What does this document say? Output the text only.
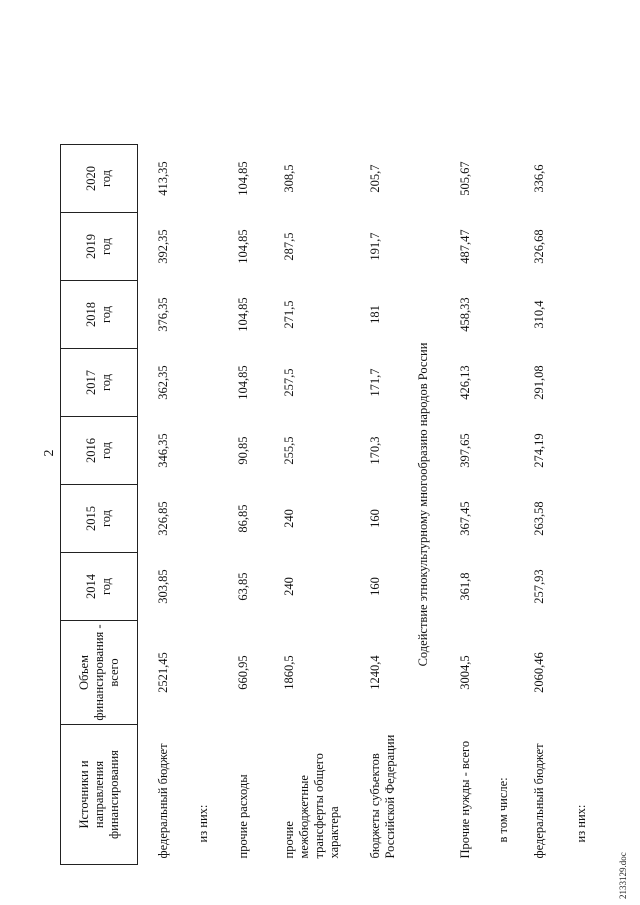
2
Источники и направления финансирования	Объем финансирования - всего	2014 год	2015 год	2016 год	2017 год	2018 год	2019 год	2020 год

федеральный бюджет	2521,45	303,85	326,85	346,35	362,35	376,35	392,35	413,35

из них:								

прочие расходы	660,95	63,85	86,85	90,85	104,85	104,85	104,85	104,85

прочие межбюджетные трансферты общего характера	1860,5	240	240	255,5	257,5	271,5	287,5	308,5

бюджеты субъектов Российской Федерации	1240,4	160	160	170,3	171,7	181	191,7	205,7
Содействие этнокультурному многообразию народов России								

Прочие нужды - всего	3004,5	361,8	367,45	397,65	426,13	458,33	487,47	505,67

в том числе:								

федеральный бюджет	2060,46	257,93	263,58	274,19	291,08	310,4	326,68	336,6

из них:								

2133129.doc
